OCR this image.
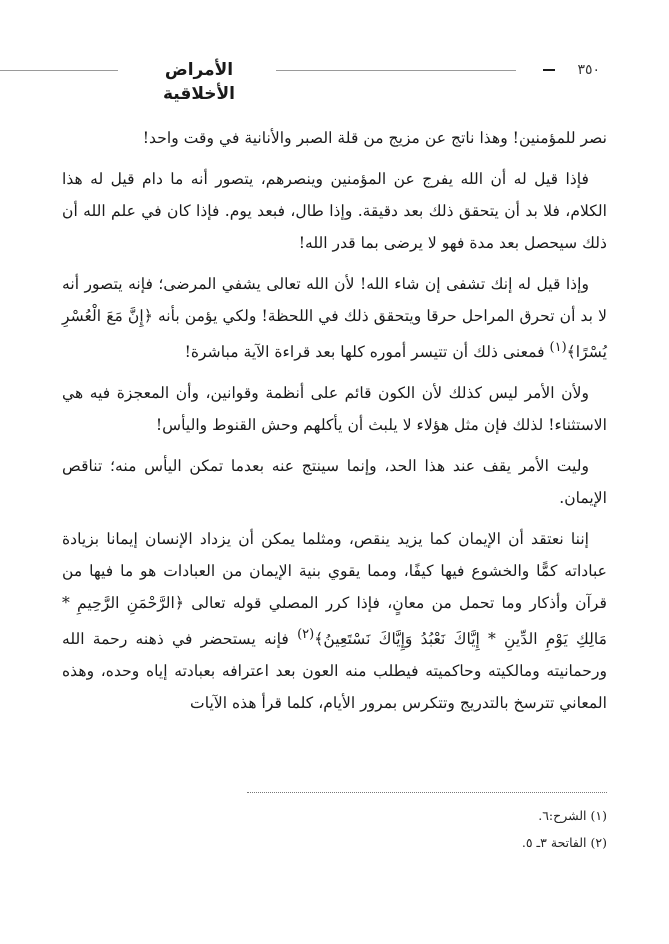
الأمراض الأخلاقية
٣٥٠

نصر للمؤمنين! وهذا ناتج عن مزيج من قلة الصبر والأنانية في وقت واحد!

فإذا قيل له أن الله يفرج عن المؤمنين وينصرهم، يتصور أنه ما دام قيل له هذا الكلام، فلا بد أن يتحقق ذلك بعد دقيقة. وإذا طال، فبعد يوم. فإذا كان في علم الله أن ذلك سيحصل بعد مدة فهو لا يرضى بما قدر الله!

وإذا قيل له إنك تشفى إن شاء الله! لأن الله تعالى يشفي المرضى؛ فإنه يتصور أنه لا بد أن تحرق المراحل حرقا ويتحقق ذلك في اللحظة! ولكي يؤمن بأنه ﴿إِنَّ مَعَ الْعُسْرِ يُسْرًا﴾$^{(١)}$ فمعنى ذلك أن تتيسر أموره كلها بعد قراءة الآية مباشرة!

ولأن الأمر ليس كذلك لأن الكون قائم على أنظمة وقوانين، وأن المعجزة فيه هي الاستثناء! لذلك فإن مثل هؤلاء لا يلبث أن يأكلهم وحش القنوط واليأس!

وليت الأمر يقف عند هذا الحد، وإنما سينتج عنه بعدما تمكن اليأس منه؛ تناقص الإيمان.

إننا نعتقد أن الإيمان كما يزيد ينقص، ومثلما يمكن أن يزداد الإنسان إيمانا بزيادة عباداته كمًّا والخشوع فيها كيفًا، ومما يقوي بنية الإيمان من العبادات هو ما فيها من قرآن وأذكار وما تحمل من معانٍ، فإذا كرر المصلي قوله تعالى ﴿الرَّحْمَنِ الرَّحِيمِ * مَالِكِ يَوْمِ الدِّينِ * إِيَّاكَ نَعْبُدُ وَإِيَّاكَ نَسْتَعِينُ﴾$^{(٢)}$ فإنه يستحضر في ذهنه رحمة الله ورحمانيته ومالكيته وحاكميته فيطلب منه العون بعد اعترافه بعبادته إياه وحده، وهذه المعاني تترسخ بالتدريج وتتكرس بمرور الأيام، كلما قرأ هذه الآيات

(١) الشرح:٦.

(٢) الفاتحة ٣ـ ٥.
